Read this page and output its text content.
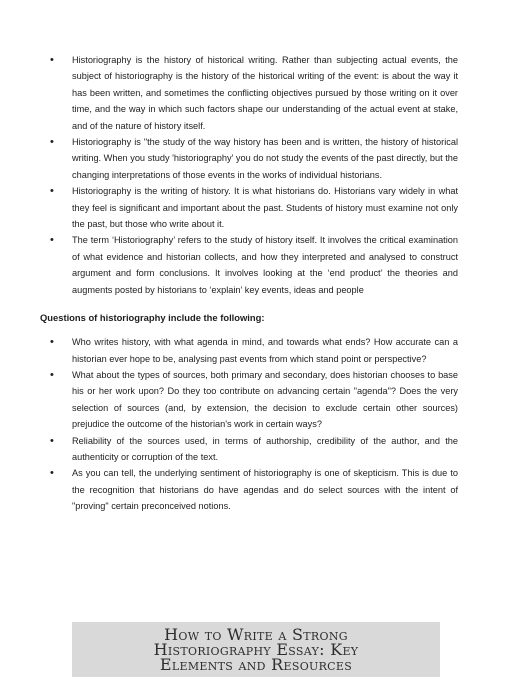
• Historiography is the history of historical writing. Rather than subjecting actual events, the subject of historiography is the history of the historical writing of the event: is about the way it has been written, and sometimes the conflicting objectives pursued by those writing on it over time, and the way in which such factors shape our understanding of the actual event at stake, and of the nature of history itself.
• Historiography is "the study of the way history has been and is written, the history of historical writing. When you study 'historiography' you do not study the events of the past directly, but the changing interpretations of those events in the works of individual historians.
• Historiography is the writing of history. It is what historians do. Historians vary widely in what they feel is significant and important about the past. Students of history must examine not only the past, but those who write about it.
• The term ‘Historiography’ refers to the study of history itself. It involves the critical examination of what evidence and historian collects, and how they interpreted and analysed to construct argument and form conclusions. It involves looking at the ‘end product’ the theories and augments posted by historians to ‘explain’ key events, ideas and people
Questions of historiography include the following:
• Who writes history, with what agenda in mind, and towards what ends? How accurate can a historian ever hope to be, analysing past events from which stand point or perspective?
• What about the types of sources, both primary and secondary, does historian chooses to base his or her work upon? Do they too contribute on advancing certain "agenda"? Does the very selection of sources (and, by extension, the decision to exclude certain other sources) prejudice the outcome of the historian's work in certain ways?
• Reliability of the sources used, in terms of authorship, credibility of the author, and the authenticity or corruption of the text.
• As you can tell, the underlying sentiment of historiography is one of skepticism. This is due to the recognition that historians do have agendas and do select sources with the intent of "proving" certain preconceived notions.
How to Write a Strong
Historiography Essay: Key
Elements and Resources
